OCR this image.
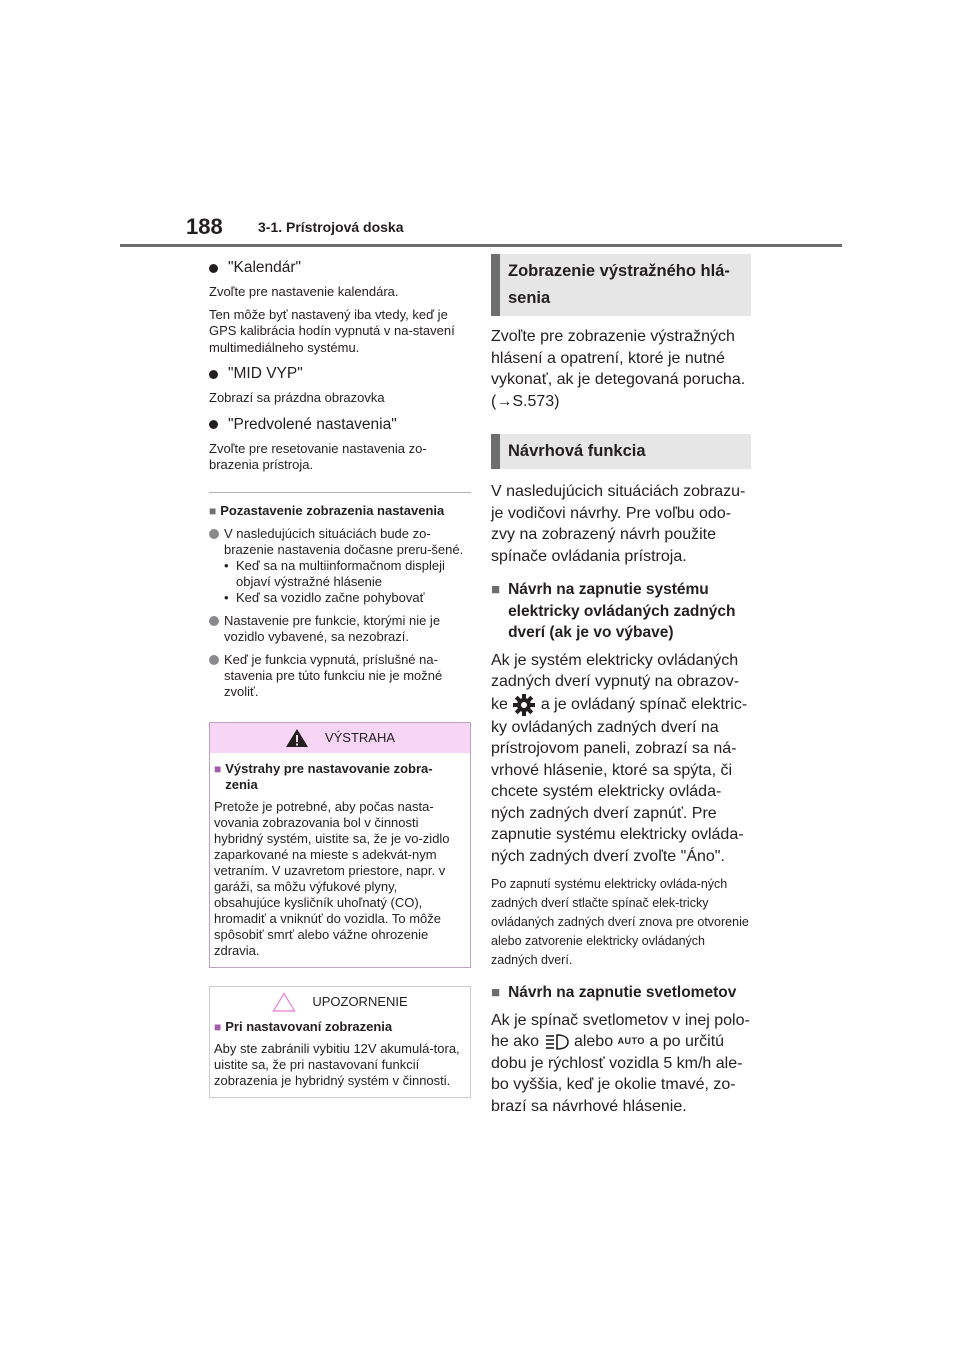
188	3-1. Prístrojová doska
"Kalendár"

Zvoľte pre nastavenie kalendára.

Ten môže byť nastavený iba vtedy, keď je GPS kalibrácia hodín vypnutá v na-stavení multimediálneho systému.

"MID VYP"

Zobrazí sa prázdna obrazovka

"Predvolené nastavenia"

Zvoľte pre resetovanie nastavenia zo-brazenia prístroja.

■ Pozastavenie zobrazenia nastavenia
V nasledujúcich situáciách bude zo-brazenie nastavenia dočasne preru-šené.
• Keď sa na multiinformačnom displeji objaví výstražné hlásenie
• Keď sa vozidlo začne pohybovať
Nastavenie pre funkcie, ktorými nie je vozidlo vybavené, sa nezobrazí.
Keď je funkcia vypnutá, príslušné na-stavenia pre túto funkciu nie je možné zvoliť.
VÝSTRAHA
■ Výstrahy pre nastavovanie zobra-zenia

Pretože je potrebné, aby počas nasta-vovania zobrazovania bol v činnosti hybridný systém, uistite sa, že je vo-zidlo zaparkované na mieste s adekvát-nym vetraním. V uzavretom priestore, napr. v garáži, sa môžu výfukové plyny, obsahujúce kysličník uhoľnatý (CO), hromadiť a vniknúť do vozidla. To môže spôsobiť smrť alebo vážne ohrozenie zdravia.

UPOZORNENIE
■ Pri nastavovaní zobrazenia

Aby ste zabránili vybitiu 12V akumulá-tora, uistite sa, že pri nastavovaní funkcií zobrazenia je hybridný systém v činnosti.

Zobrazenie výstražného hlá-senia

Zvoľte pre zobrazenie výstražných hlásení a opatrení, ktoré je nutné vykonať, ak je detegovaná porucha. (→S.573)

Návrhová funkcia

V nasledujúcich situáciách zobrazu-je vodičovi návrhy. Pre voľbu odo-zvy na zobrazený návrh použite spínače ovládania prístroja.

■ Návrh na zapnutie systému elektricky ovládaných zadných dverí (ak je vo výbave)

Ak je systém elektricky ovládaných zadných dverí vypnutý na obrazov-ke a je ovládaný spínač elektric-ky ovládaných zadných dverí na prístrojovom paneli, zobrazí sa ná-vrhové hlásenie, ktoré sa spýta, či chcete systém elektricky ovláda-ných zadných dverí zapnúť. Pre zapnutie systému elektricky ovláda-ných zadných dverí zvoľte "Áno".

Po zapnutí systému elektricky ovláda-ných zadných dverí stlačte spínač elek-tricky ovládaných zadných dverí znova pre otvorenie alebo zatvorenie elektricky ovládaných zadných dverí.

■ Návrh na zapnutie svetlometov

Ak je spínač svetlometov v inej polo-he ako alebo AUTO a po určitú dobu je rýchlosť vozidla 5 km/h ale-bo vyššia, keď je okolie tmavé, zo-brazí sa návrhové hlásenie.
